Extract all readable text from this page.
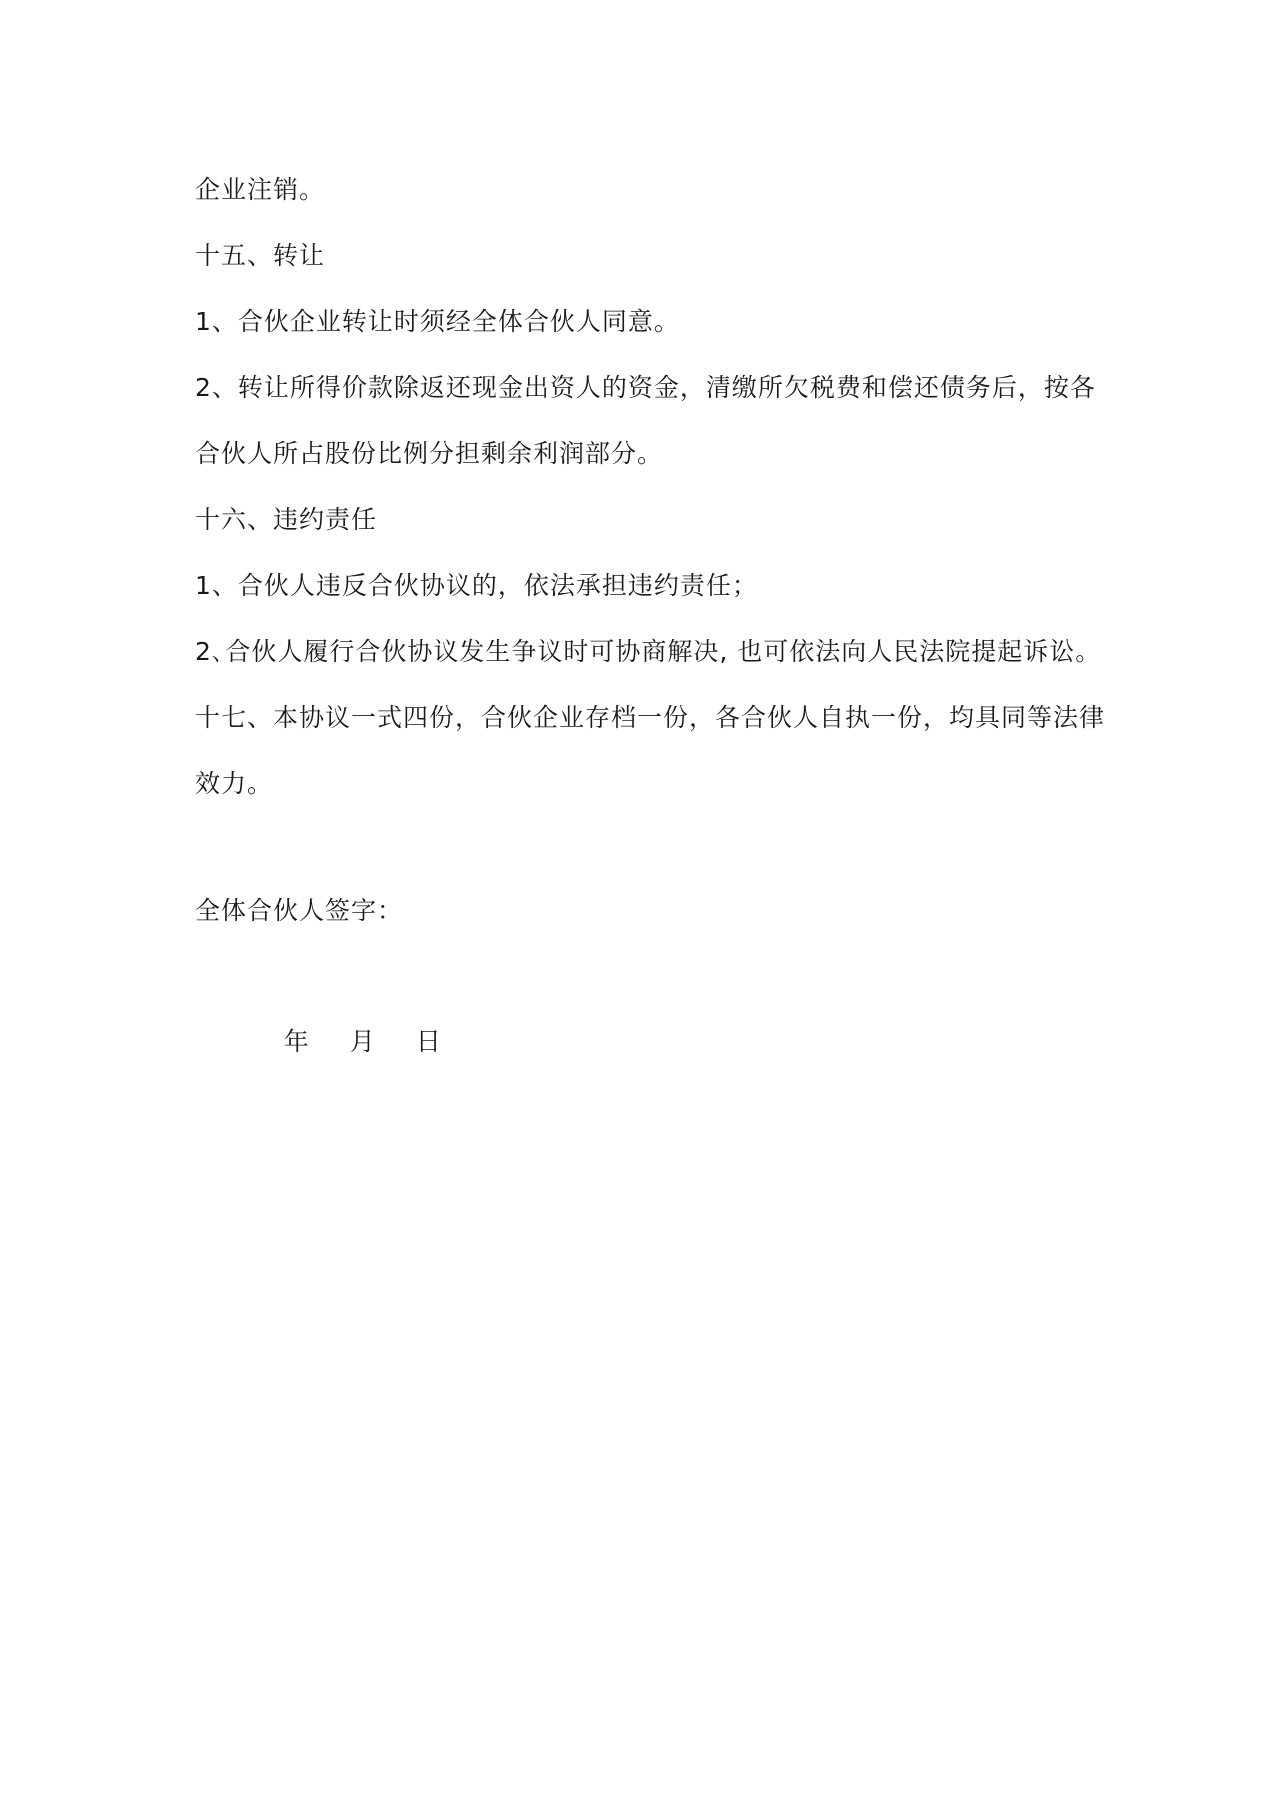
企业注销。

十五、转让

1、合伙企业转让时须经全体合伙人同意。

2、转让所得价款除返还现金出资人的资金，清缴所欠税费和偿还债务后，按各

合伙人所占股份比例分担剩余利润部分。

十六、违约责任

1、合伙人违反合伙协议的，依法承担违约责任；

2､合伙人履行合伙协议发生争议时可协商解决, 也可依法向人民法院提起诉讼。

十七、本协议一式四份，合伙企业存档一份，各合伙人自执一份，均具同等法律

效力。

全体合伙人签字：

年 月 日
